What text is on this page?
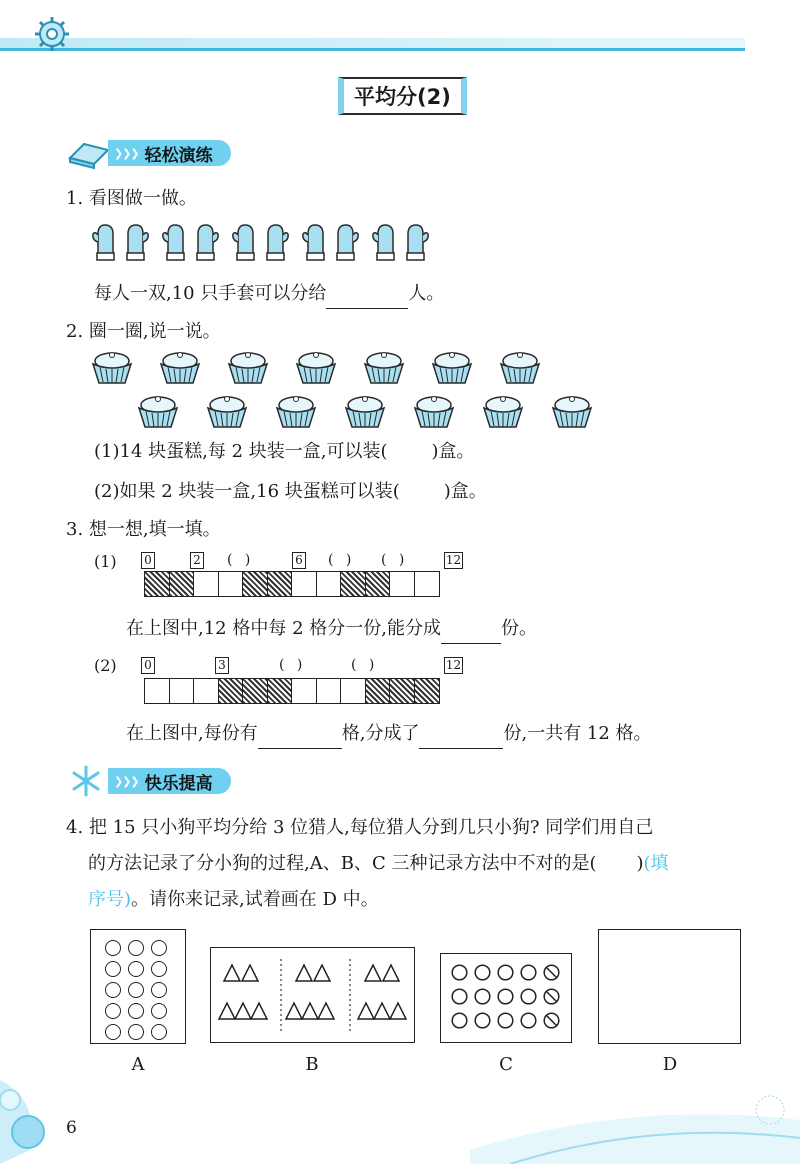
平均分(2)
❯❯❯ 轻松演练
1. 看图做一做。
每人一双,10 只手套可以分给	人。
2. 圈一圈,说一说。
(1)14 块蛋糕,每 2 块装一盒,可以装( )盒。
(2)如果 2 块装一盒,16 块蛋糕可以装( )盒。
3. 想一想,填一填。
(1) 0	2 ( )	6 ( ) ( )	12
在上图中,12 格中每 2 格分一份,能分成	份。
(2) 0	3	( )	( )	12
在上图中,每份有	格,分成了	份,一共有 12 格。
❯❯❯ 快乐提高
4. 把 15 只小狗平均分给 3 位猎人,每位猎人分到几只小狗? 同学们用自己
的方法记录了分小狗的过程,A、B、C 三种记录方法中不对的是( )(填
序号)。请你来记录,试着画在 D 中。
A	B	C	D
6
